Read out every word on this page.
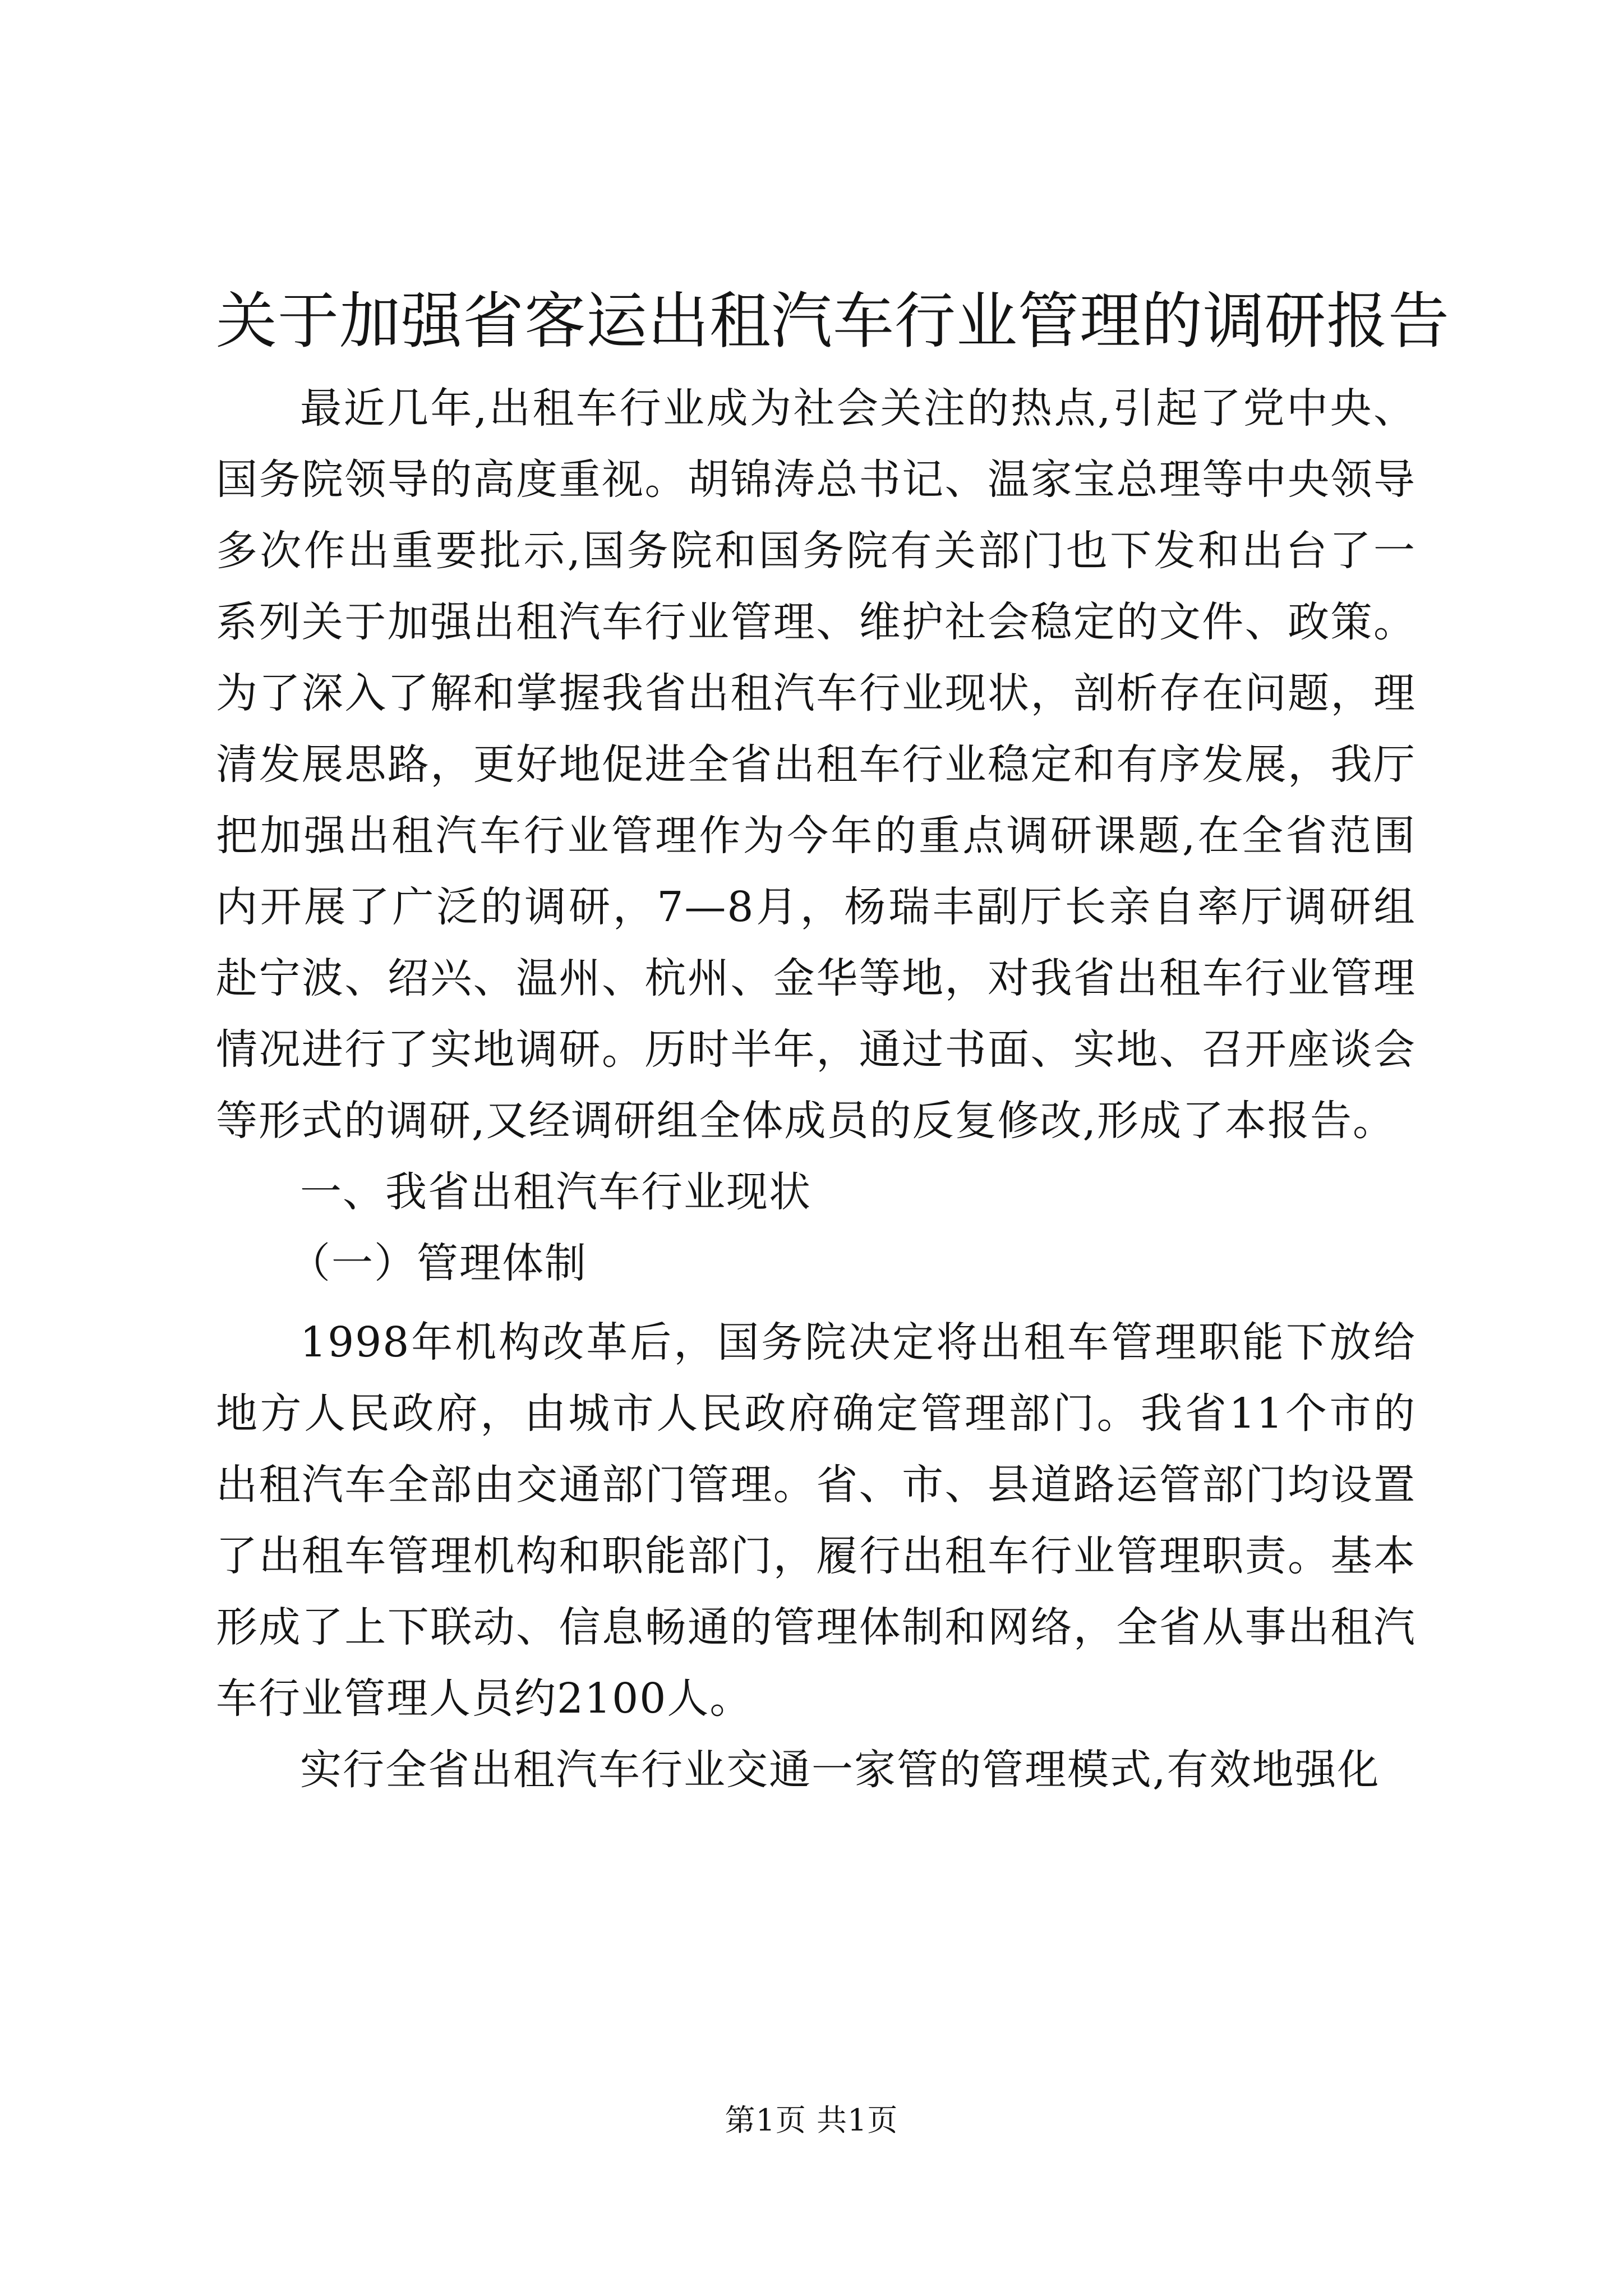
关于加强省客运出租汽车行业管理的调研报告

最近几年,出租车行业成为社会关注的热点,引起了党中央、国务院领导的高度重视。胡锦涛总书记、温家宝总理等中央领导多次作出重要批示,国务院和国务院有关部门也下发和出台了一系列关于加强出租汽车行业管理、维护社会稳定的文件、政策。为了深入了解和掌握我省出租汽车行业现状，剖析存在问题，理清发展思路，更好地促进全省出租车行业稳定和有序发展，我厅把加强出租汽车行业管理作为今年的重点调研课题,在全省范围内开展了广泛的调研，7—8月，杨瑞丰副厅长亲自率厅调研组赴宁波、绍兴、温州、杭州、金华等地，对我省出租车行业管理情况进行了实地调研。历时半年，通过书面、实地、召开座谈会等形式的调研,又经调研组全体成员的反复修改,形成了本报告。

一、我省出租汽车行业现状

（一）管理体制

1998年机构改革后，国务院决定将出租车管理职能下放给地方人民政府，由城市人民政府确定管理部门。我省11个市的出租汽车全部由交通部门管理。省、市、县道路运管部门均设置了出租车管理机构和职能部门，履行出租车行业管理职责。基本形成了上下联动、信息畅通的管理体制和网络，全省从事出租汽车行业管理人员约2100人。

实行全省出租汽车行业交通一家管的管理模式,有效地强化

第1页 共1页
